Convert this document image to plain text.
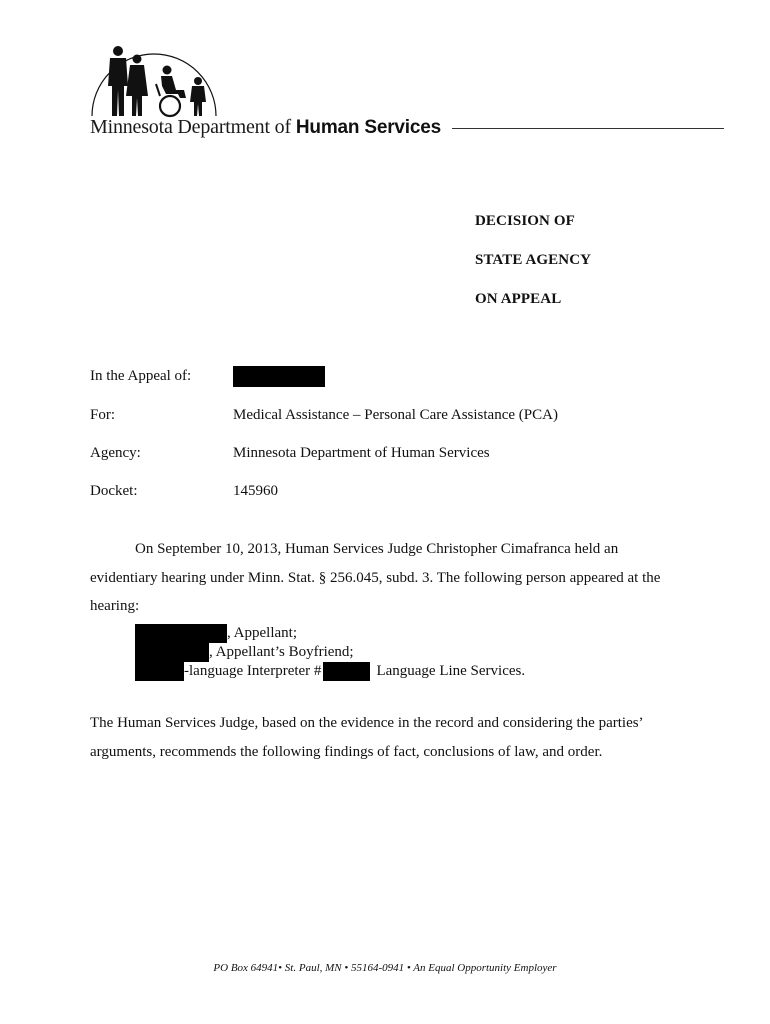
Minnesota Department of Human Services
DECISION OF
STATE AGENCY
ON APPEAL
In the Appeal of:
For:	Medical Assistance – Personal Care Assistance (PCA)
Agency:	Minnesota Department of Human Services
Docket:	145960
On September 10, 2013, Human Services Judge Christopher Cimafranca held an evidentiary hearing under Minn. Stat. § 256.045, subd. 3. The following person appeared at the hearing:
, Appellant;
, Appellant’s Boyfriend;
-language Interpreter #	Language Line Services.
The Human Services Judge, based on the evidence in the record and considering the parties’ arguments, recommends the following findings of fact, conclusions of law, and order.
PO Box 64941• St. Paul, MN • 55164-0941 • An Equal Opportunity Employer
